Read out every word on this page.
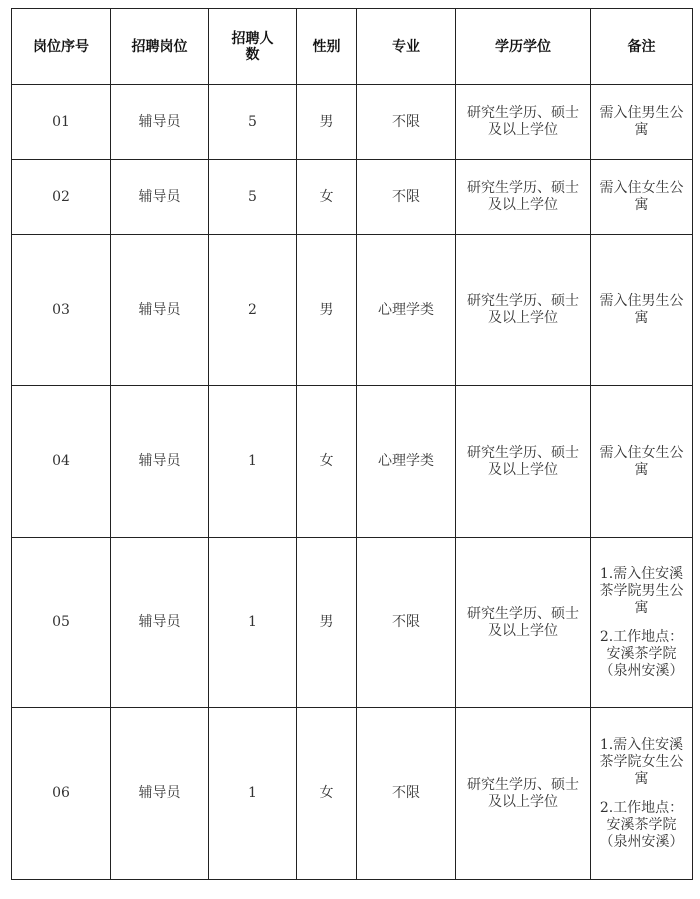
岗位序号	招聘岗位	招聘人数	性别	专业	学历学位	备注
01	辅导员	5	男	不限	研究生学历、硕士及以上学位	需入住男生公寓

02	辅导员	5	女	不限	研究生学历、硕士及以上学位	需入住女生公寓

03	辅导员	2	男	心理学类	研究生学历、硕士及以上学位	需入住男生公寓

04	辅导员	1	女	心理学类	研究生学历、硕士及以上学位	需入住女生公寓

05	辅导员	1	男	不限	研究生学历、硕士及以上学位	1.需入住安溪茶学院男生公寓
2.工作地点：安溪茶学院（泉州安溪）

06	辅导员	1	女	不限	研究生学历、硕士及以上学位	1.需入住安溪茶学院女生公寓
2.工作地点：安溪茶学院（泉州安溪）
